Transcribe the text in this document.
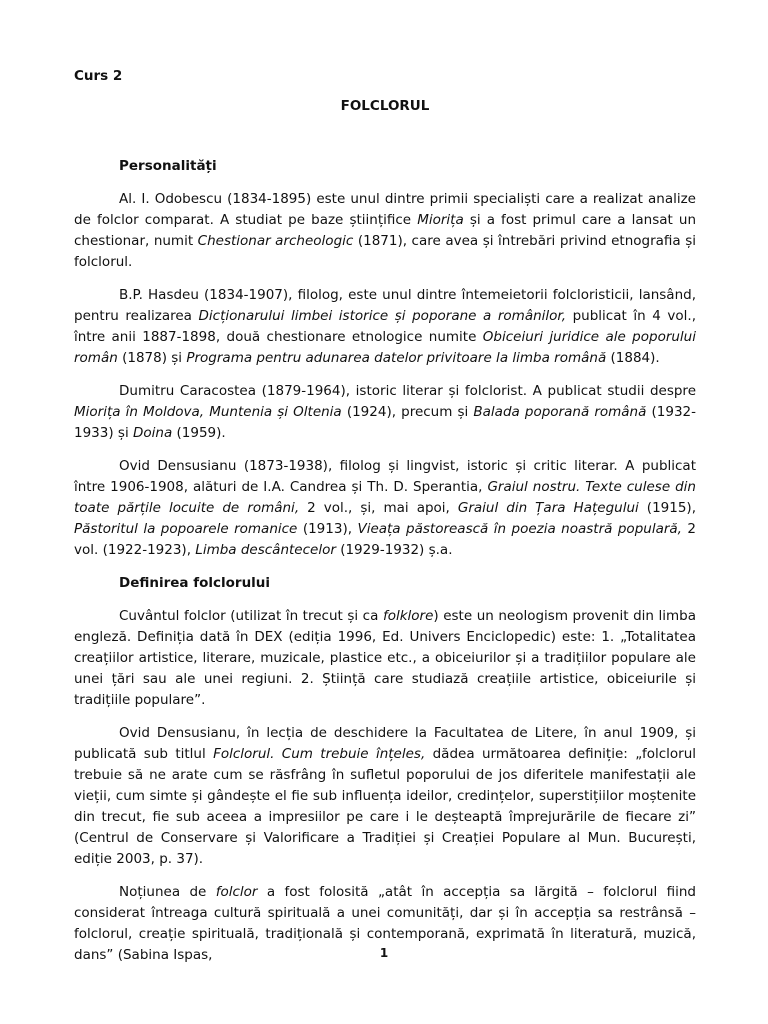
Curs 2

FOLCLORUL

Personalități

Al. I. Odobescu (1834-1895) este unul dintre primii specialiști care a realizat analize de folclor comparat. A studiat pe baze științifice Miorița și a fost primul care a lansat un chestionar, numit Chestionar archeologic (1871), care avea și întrebări privind etnografia și folclorul.

B.P. Hasdeu (1834-1907), filolog, este unul dintre întemeietorii folcloristicii, lansând, pentru realizarea Dicționarului limbei istorice și poporane a românilor, publicat în 4 vol., între anii 1887-1898, două chestionare etnologice numite Obiceiuri juridice ale poporului român (1878) și Programa pentru adunarea datelor privitoare la limba română (1884).

Dumitru Caracostea (1879-1964), istoric literar și folclorist. A publicat studii despre Miorița în Moldova, Muntenia și Oltenia (1924), precum și Balada poporană română (1932-1933) și Doina (1959).

Ovid Densusianu (1873-1938), filolog și lingvist, istoric și critic literar. A publicat între 1906-1908, alături de I.A. Candrea și Th. D. Sperantia, Graiul nostru. Texte culese din toate părțile locuite de români, 2 vol., și, mai apoi, Graiul din Țara Hațegului (1915), Păstoritul la popoarele romanice (1913), Vieața păstorească în poezia noastră populară, 2 vol. (1922-1923), Limba descântecelor (1929-1932) ș.a.

Definirea folclorului

Cuvântul folclor (utilizat în trecut și ca folklore) este un neologism provenit din limba engleză. Definiția dată în DEX (ediția 1996, Ed. Univers Enciclopedic) este: 1. „Totalitatea creațiilor artistice, literare, muzicale, plastice etc., a obiceiurilor și a tradițiilor populare ale unei țări sau ale unei regiuni. 2. Știință care studiază creațiile artistice, obiceiurile și tradițiile populare”.

Ovid Densusianu, în lecția de deschidere la Facultatea de Litere, în anul 1909, și publicată sub titlul Folclorul. Cum trebuie înțeles, dădea următoarea definiție: „folclorul trebuie să ne arate cum se răsfrâng în sufletul poporului de jos diferitele manifestații ale vieții, cum simte și gândește el fie sub influența ideilor, credințelor, superstițiilor moștenite din trecut, fie sub aceea a impresiilor pe care i le deșteaptă împrejurările de fiecare zi” (Centrul de Conservare și Valorificare a Tradiției și Creației Populare al Mun. București, ediție 2003, p. 37).

Noțiunea de folclor a fost folosită „atât în accepția sa lărgită – folclorul fiind considerat întreaga cultură spirituală a unei comunități, dar și în accepția sa restrânsă – folclorul, creație spirituală, tradițională și contemporană, exprimată în literatură, muzică, dans” (Sabina Ispas,	1
